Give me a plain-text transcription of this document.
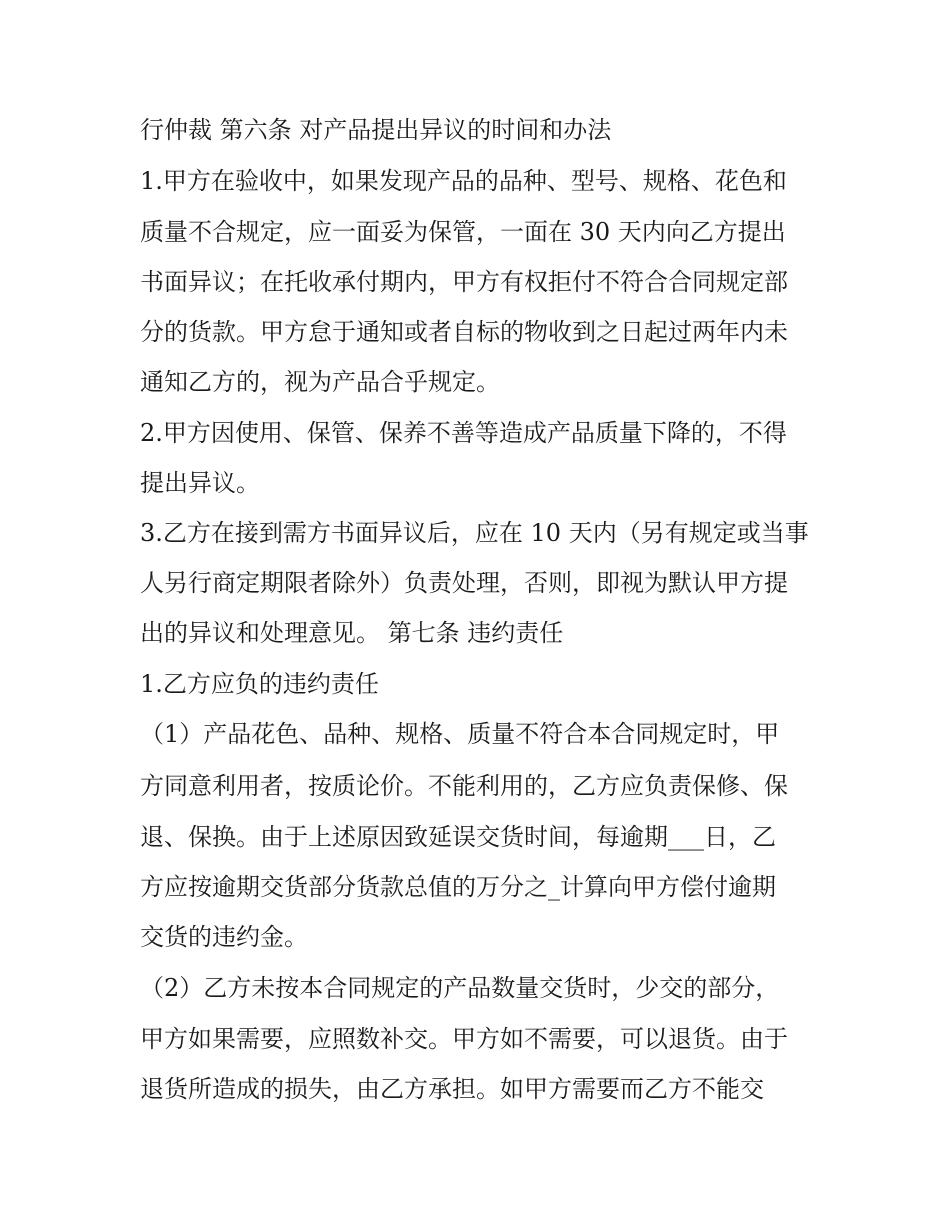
行仲裁 第六条 对产品提出异议的时间和办法
1.甲方在验收中，如果发现产品的品种、型号、规格、花色和
质量不合规定，应一面妥为保管，一面在 30 天内向乙方提出
书面异议；在托收承付期内，甲方有权拒付不符合合同规定部
分的货款。甲方怠于通知或者自标的物收到之日起过两年内未
通知乙方的，视为产品合乎规定。
2.甲方因使用、保管、保养不善等造成产品质量下降的，不得
提出异议。
3.乙方在接到需方书面异议后，应在 10 天内（另有规定或当事
人另行商定期限者除外）负责处理，否则，即视为默认甲方提
出的异议和处理意见。 第七条 违约责任
1.乙方应负的违约责任
（1）产品花色、品种、规格、质量不符合本合同规定时，甲
方同意利用者，按质论价。不能利用的，乙方应负责保修、保
退、保换。由于上述原因致延误交货时间，每逾期___日，乙
方应按逾期交货部分货款总值的万分之_计算向甲方偿付逾期
交货的违约金。
（2）乙方未按本合同规定的产品数量交货时，少交的部分，
甲方如果需要，应照数补交。甲方如不需要，可以退货。由于
退货所造成的损失，由乙方承担。如甲方需要而乙方不能交
